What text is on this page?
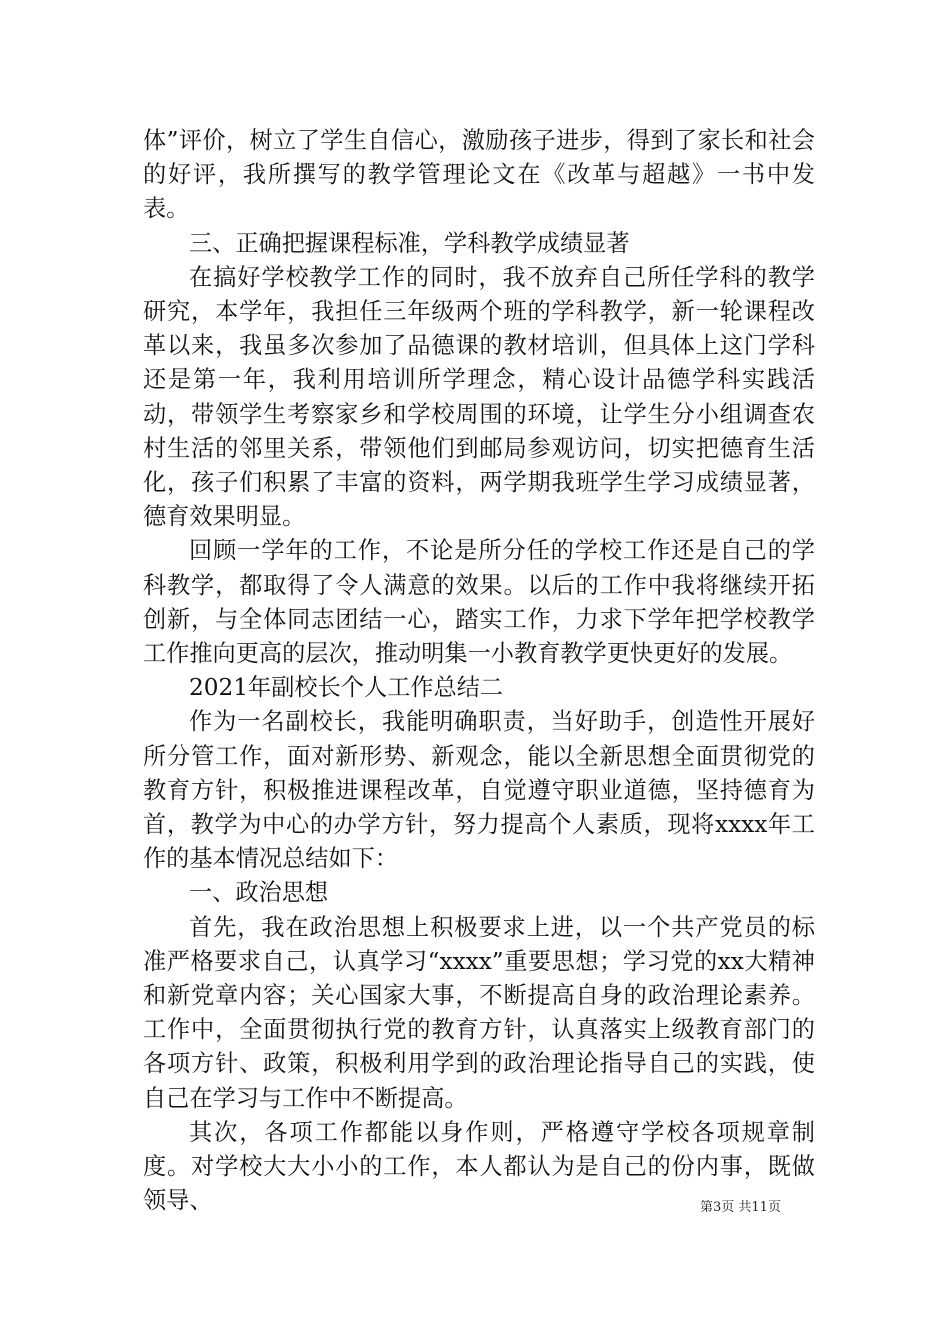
体”评价，树立了学生自信心，激励孩子进步，得到了家长和社会的好评，我所撰写的教学管理论文在《改革与超越》一书中发表。

三、正确把握课程标准，学科教学成绩显著

在搞好学校教学工作的同时，我不放弃自己所任学科的教学研究，本学年，我担任三年级两个班的学科教学，新一轮课程改革以来，我虽多次参加了品德课的教材培训，但具体上这门学科还是第一年，我利用培训所学理念，精心设计品德学科实践活动，带领学生考察家乡和学校周围的环境，让学生分小组调查农村生活的邻里关系，带领他们到邮局参观访问，切实把德育生活化，孩子们积累了丰富的资料，两学期我班学生学习成绩显著，德育效果明显。

回顾一学年的工作，不论是所分任的学校工作还是自己的学科教学，都取得了令人满意的效果。以后的工作中我将继续开拓创新，与全体同志团结一心，踏实工作，力求下学年把学校教学工作推向更高的层次，推动明集一小教育教学更快更好的发展。

2021年副校长个人工作总结二

作为一名副校长，我能明确职责，当好助手，创造性开展好所分管工作，面对新形势、新观念，能以全新思想全面贯彻党的教育方针，积极推进课程改革，自觉遵守职业道德，坚持德育为首，教学为中心的办学方针，努力提高个人素质，现将xxxx年工作的基本情况总结如下：

一、政治思想

首先，我在政治思想上积极要求上进，以一个共产党员的标准严格要求自己，认真学习“xxxx”重要思想；学习党的xx大精神和新党章内容；关心国家大事，不断提高自身的政治理论素养。工作中，全面贯彻执行党的教育方针，认真落实上级教育部门的各项方针、政策，积极利用学到的政治理论指导自己的实践，使自己在学习与工作中不断提高。

其次，各项工作都能以身作则，严格遵守学校各项规章制度。对学校大大小小的工作，本人都认为是自己的份内事，既做领导、	第3页 共11页
